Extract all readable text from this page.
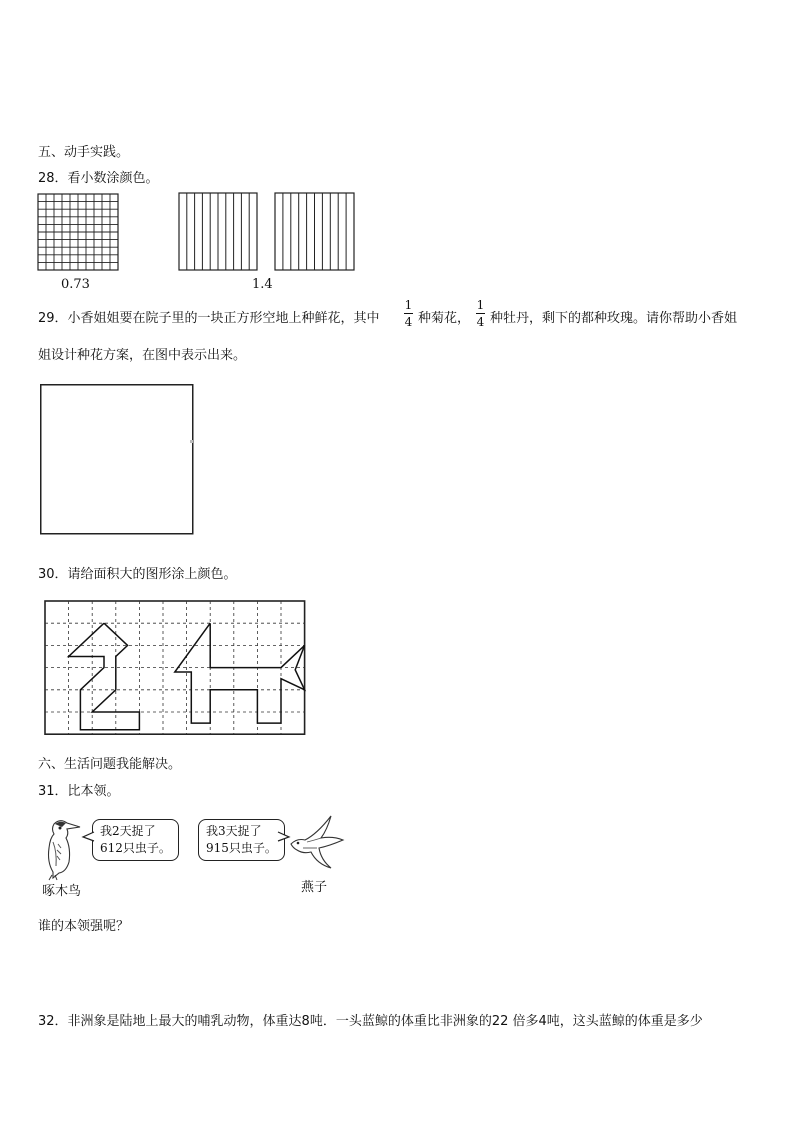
五、动手实践。
28．看小数涂颜色。
0.73	1.4
29．小香姐姐要在院子里的一块正方形空地上种鲜花，其中
1
4 种菊花，
1
4 种牡丹，剩下的都种玫瑰。请你帮助小香姐
姐设计种花方案，在图中表示出来。
30．请给面积大的图形涂上颜色。
六、生活问题我能解决。
31．比本领。
我2天捉了
612只虫子。
我3天捉了
915只虫子。
啄木鸟	燕子
谁的本领强呢？
32．非洲象是陆地上最大的哺乳动物，体重达8吨．一头蓝鲸的体重比非洲象的22 倍多4吨，这头蓝鲸的体重是多少
